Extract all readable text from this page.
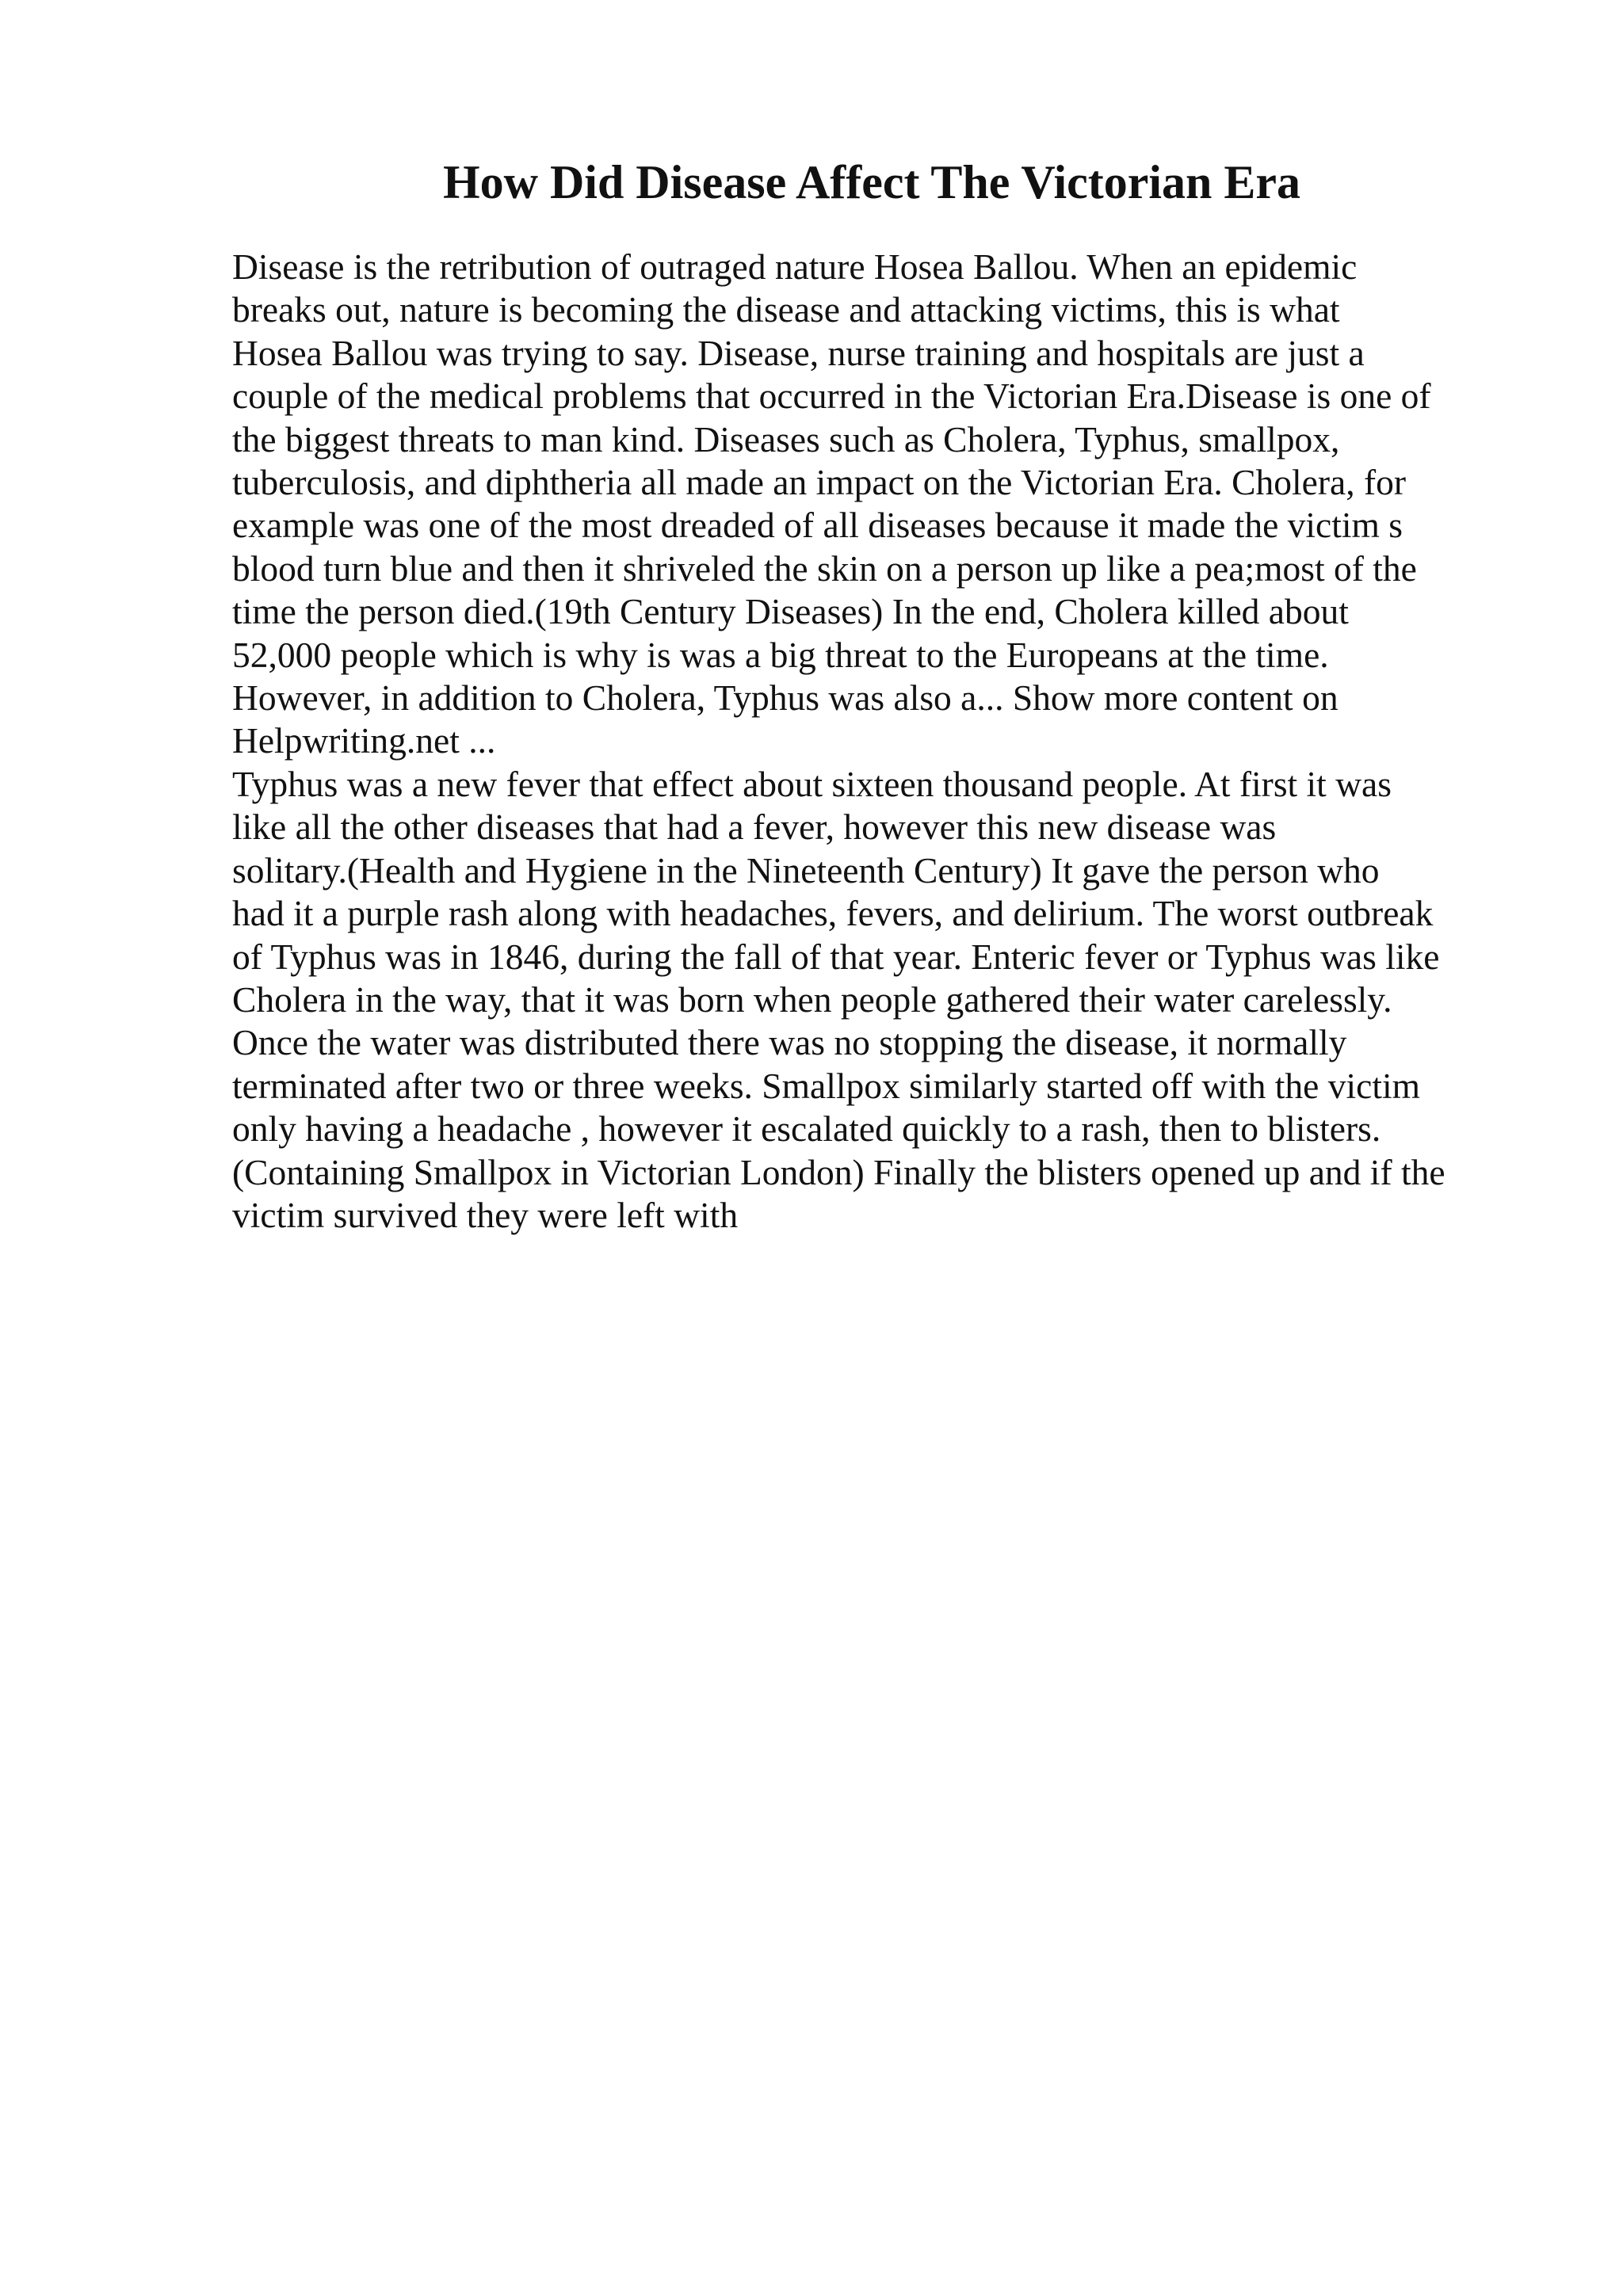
How Did Disease Affect The Victorian Era
Disease is the retribution of outraged nature Hosea Ballou. When an epidemic
breaks out, nature is becoming the disease and attacking victims, this is what
Hosea Ballou was trying to say. Disease, nurse training and hospitals are just a
couple of the medical problems that occurred in the Victorian Era.Disease is one of
the biggest threats to man kind. Diseases such as Cholera, Typhus, smallpox,
tuberculosis, and diphtheria all made an impact on the Victorian Era. Cholera, for
example was one of the most dreaded of all diseases because it made the victim s
blood turn blue and then it shriveled the skin on a person up like a pea;most of the
time the person died.(19th Century Diseases) In the end, Cholera killed about
52,000 people which is why is was a big threat to the Europeans at the time.
However, in addition to Cholera, Typhus was also a... Show more content on
Helpwriting.net ...
Typhus was a new fever that effect about sixteen thousand people. At first it was
like all the other diseases that had a fever, however this new disease was
solitary.(Health and Hygiene in the Nineteenth Century) It gave the person who
had it a purple rash along with headaches, fevers, and delirium. The worst outbreak
of Typhus was in 1846, during the fall of that year. Enteric fever or Typhus was like
Cholera in the way, that it was born when people gathered their water carelessly.
Once the water was distributed there was no stopping the disease, it normally
terminated after two or three weeks. Smallpox similarly started off with the victim
only having a headache , however it escalated quickly to a rash, then to blisters.
(Containing Smallpox in Victorian London) Finally the blisters opened up and if the
victim survived they were left with
